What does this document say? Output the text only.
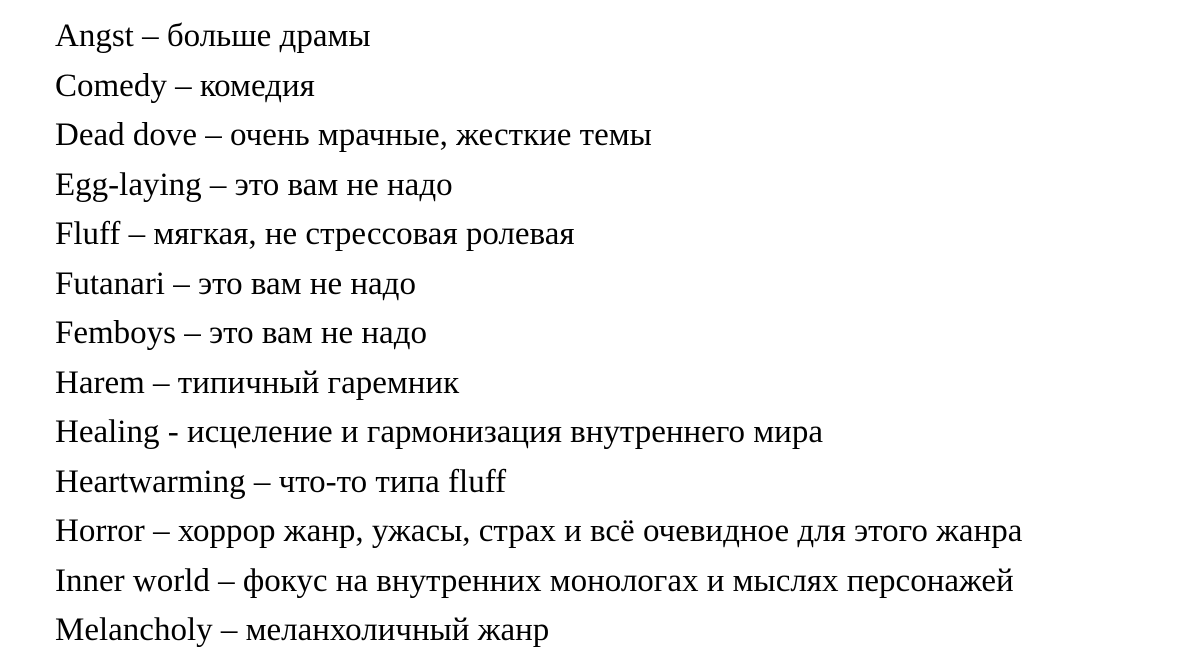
Angst – больше драмы
Comedy – комедия
Dead dove – очень мрачные, жесткие темы
Egg-laying – это вам не надо
Fluff – мягкая, не стрессовая ролевая
Futanari – это вам не надо
Femboys – это вам не надо
Harem – типичный гаремник
Healing - исцеление и гармонизация внутреннего мира
Heartwarming – что-то типа fluff
Horror – хоррор жанр, ужасы, страх и всё очевидное для этого жанра
Inner world – фокус на внутренних монологах и мыслях персонажей
Melancholy – меланхоличный жанр
